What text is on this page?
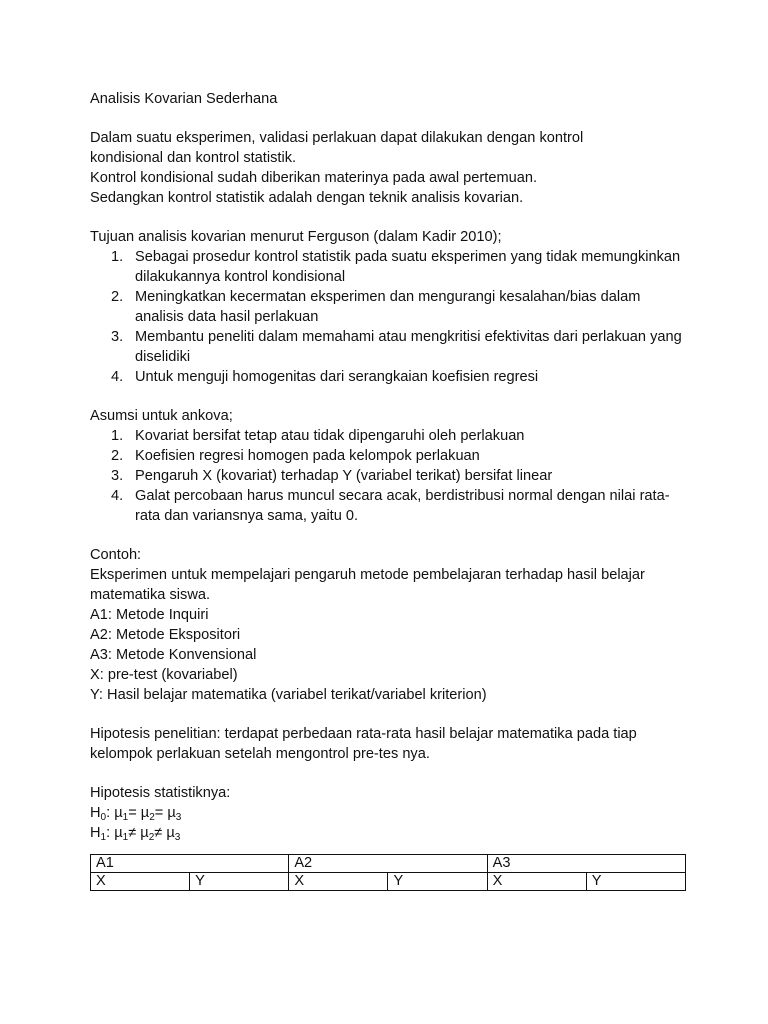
Analisis Kovarian Sederhana

Dalam suatu eksperimen, validasi perlakuan dapat dilakukan dengan kontrol

kondisional dan kontrol statistik.

Kontrol kondisional sudah diberikan materinya pada awal pertemuan.

Sedangkan kontrol statistik adalah dengan teknik analisis kovarian.

Tujuan analisis kovarian menurut Ferguson (dalam Kadir 2010);

1. Sebagai prosedur kontrol statistik pada suatu eksperimen yang tidak memungkinkan dilakukannya kontrol kondisional
2. Meningkatkan kecermatan eksperimen dan mengurangi kesalahan/bias dalam analisis data hasil perlakuan
3. Membantu peneliti dalam memahami atau mengkritisi efektivitas dari perlakuan yang diselidiki
4. Untuk menguji homogenitas dari serangkaian koefisien regresi

Asumsi untuk ankova;

1. Kovariat bersifat tetap atau tidak dipengaruhi oleh perlakuan
2. Koefisien regresi homogen pada kelompok perlakuan
3. Pengaruh X (kovariat) terhadap Y (variabel terikat) bersifat linear
4. Galat percobaan harus muncul secara acak, berdistribusi normal dengan nilai rata-rata dan variansnya sama, yaitu 0.

Contoh:

Eksperimen untuk mempelajari pengaruh metode pembelajaran terhadap hasil belajar

matematika siswa.

A1: Metode Inquiri

A2: Metode Ekspositori

A3: Metode Konvensional

X: pre-test (kovariabel)

Y: Hasil belajar matematika (variabel terikat/variabel kriterion)

Hipotesis penelitian: terdapat perbedaan rata-rata hasil belajar matematika pada tiap

kelompok perlakuan setelah mengontrol pre-tes nya.

Hipotesis statistiknya:

$H_0$: µ$_1$= µ$_2$= µ$_3$

$H_1$: µ$_1$≠ µ$_2$≠ µ$_3$

A1		A2		A3	
X	Y	X	Y	X	Y
